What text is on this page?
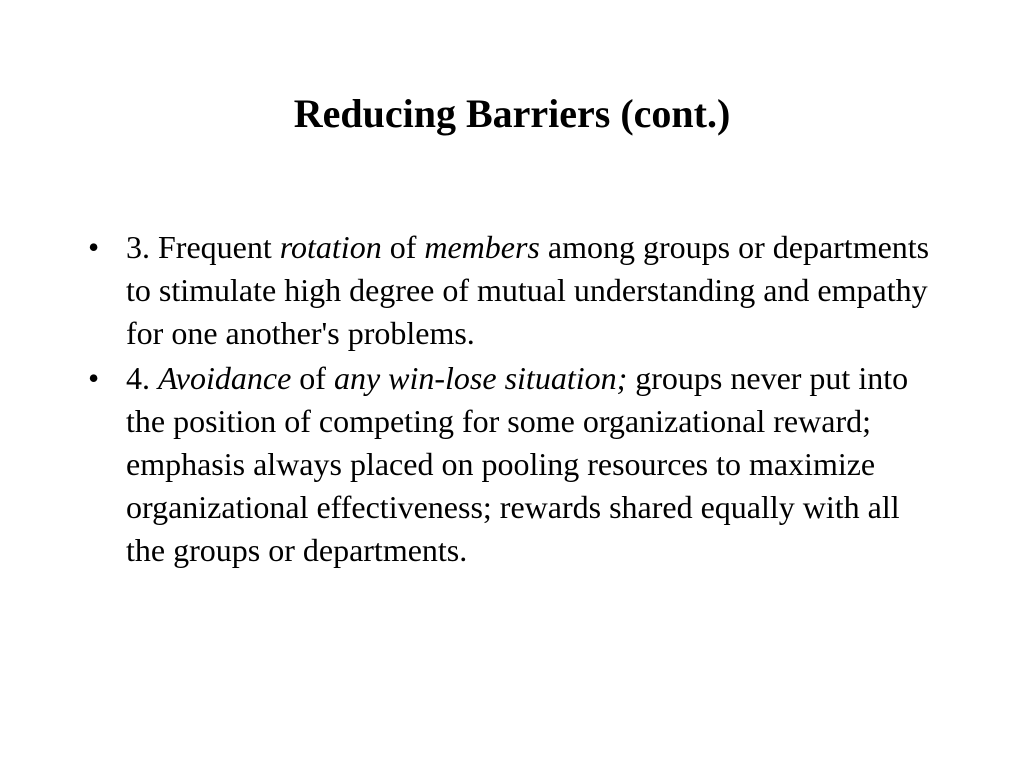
Reducing Barriers (cont.)
• 3. Frequent rotation of members among groups or departments to stimulate high degree of mutual understanding and empathy for one another's problems.
• 4. Avoidance of any win-lose situation; groups never put into the position of competing for some organizational reward; emphasis always placed on pooling resources to maximize organizational effectiveness; rewards shared equally with all the groups or departments.
